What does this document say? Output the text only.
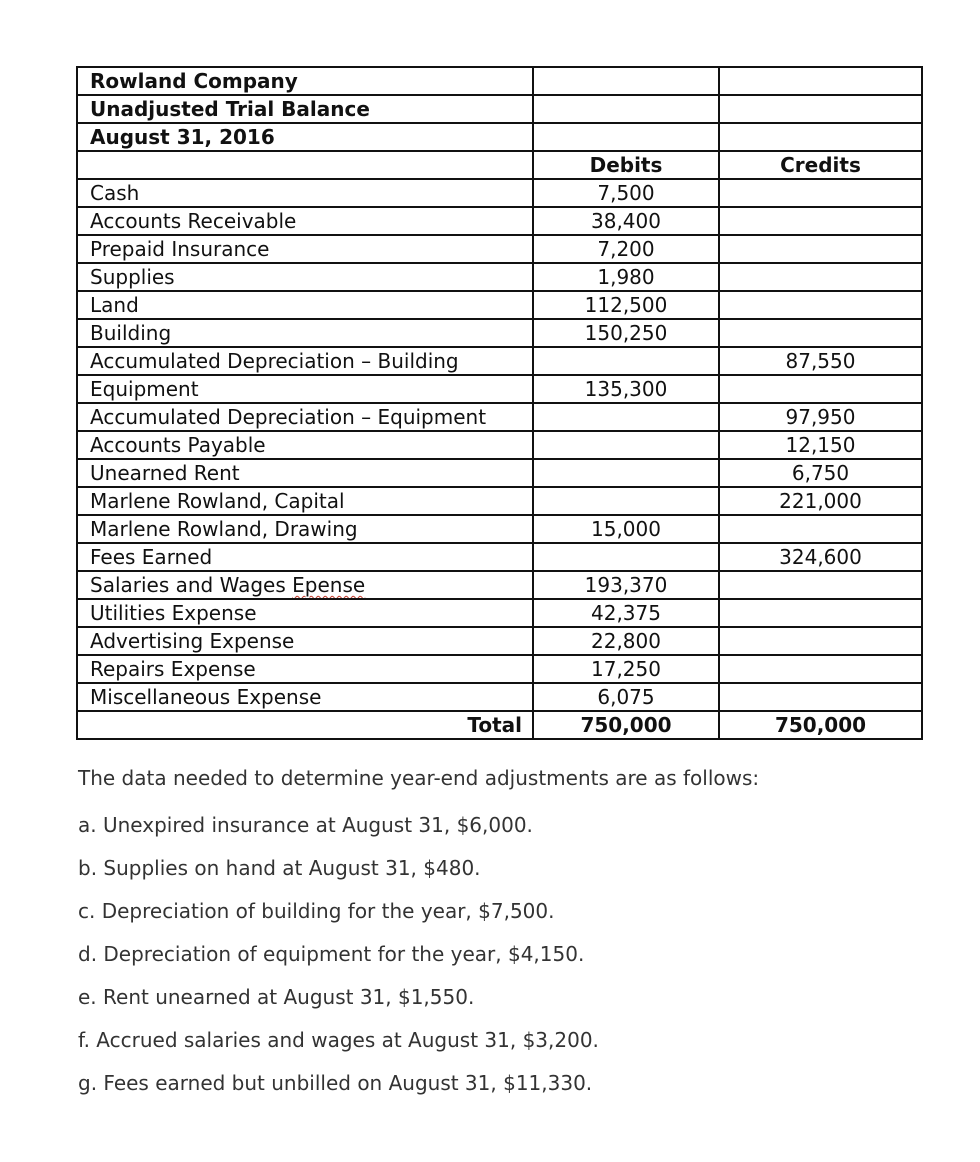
Rowland Company		
Unadjusted Trial Balance		
August 31, 2016		
	Debits	Credits
Cash	7,500	
Accounts Receivable	38,400	
Prepaid Insurance	7,200	
Supplies	1,980	
Land	112,500	
Building	150,250	
Accumulated Depreciation – Building		87,550
Equipment	135,300	
Accumulated Depreciation – Equipment		97,950
Accounts Payable		12,150
Unearned Rent		6,750
Marlene Rowland, Capital		221,000
Marlene Rowland, Drawing	15,000	
Fees Earned		324,600
Salaries and Wages Epense	193,370	
Utilities Expense	42,375	
Advertising Expense	22,800	
Repairs Expense	17,250	
Miscellaneous Expense	6,075	
Total	750,000	750,000

The data needed to determine year-end adjustments are as follows:

a. Unexpired insurance at August 31, $6,000.
b. Supplies on hand at August 31, $480.
c. Depreciation of building for the year, $7,500.
d. Depreciation of equipment for the year, $4,150.
e. Rent unearned at August 31, $1,550.
f. Accrued salaries and wages at August 31, $3,200.
g. Fees earned but unbilled on August 31, $11,330.
